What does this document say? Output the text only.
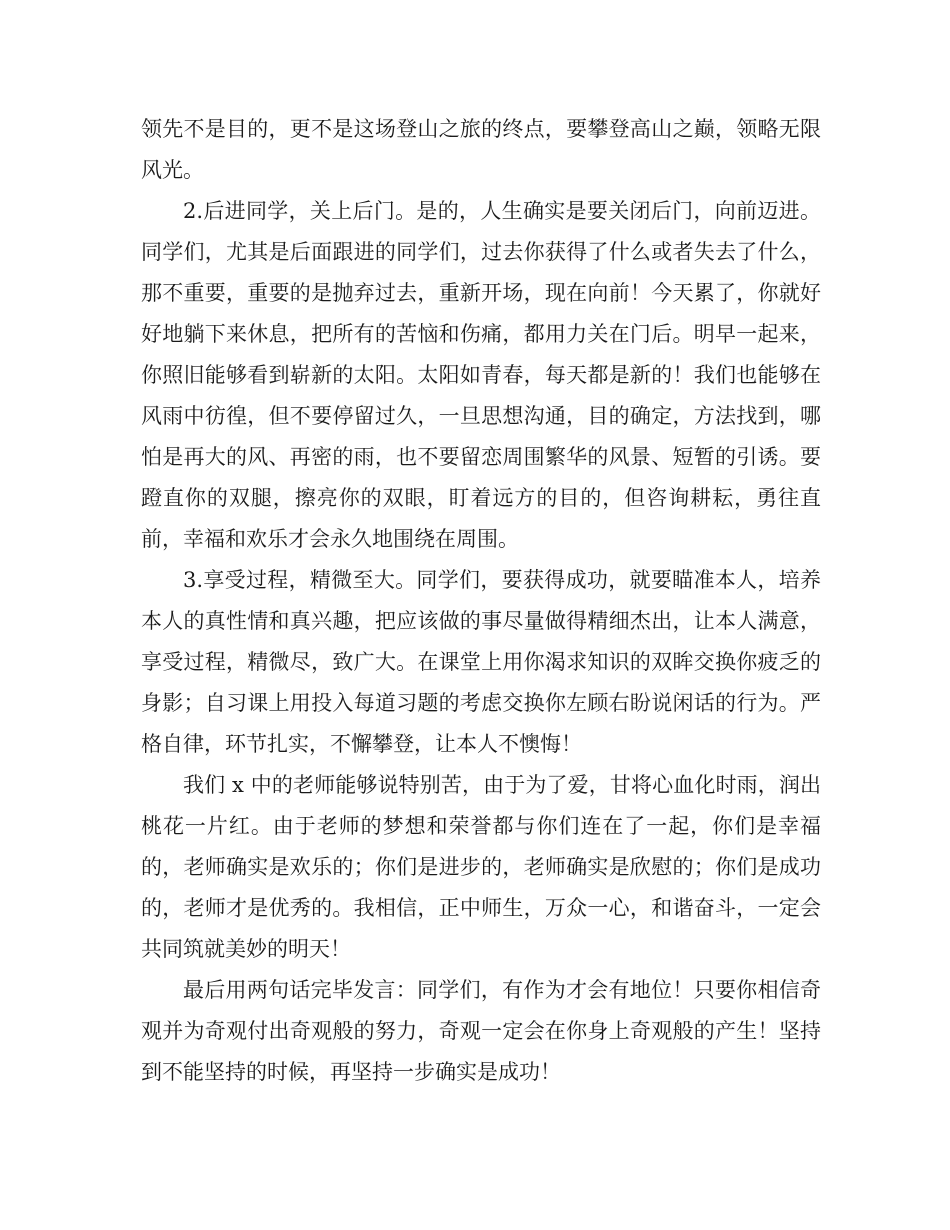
领先不是目的，更不是这场登山之旅的终点，要攀登高山之巅，领略无限风光。

2.后进同学，关上后门。是的，人生确实是要关闭后门，向前迈进。同学们，尤其是后面跟进的同学们，过去你获得了什么或者失去了什么，那不重要，重要的是抛弃过去，重新开场，现在向前！今天累了，你就好好地躺下来休息，把所有的苦恼和伤痛，都用力关在门后。明早一起来，你照旧能够看到崭新的太阳。太阳如青春，每天都是新的！我们也能够在风雨中彷徨，但不要停留过久，一旦思想沟通，目的确定，方法找到，哪怕是再大的风、再密的雨，也不要留恋周围繁华的风景、短暂的引诱。要蹬直你的双腿，擦亮你的双眼，盯着远方的目的，但咨询耕耘，勇往直前，幸福和欢乐才会永久地围绕在周围。

3.享受过程，精微至大。同学们，要获得成功，就要瞄准本人，培养本人的真性情和真兴趣，把应该做的事尽量做得精细杰出，让本人满意，享受过程，精微尽，致广大。在课堂上用你渴求知识的双眸交换你疲乏的身影；自习课上用投入每道习题的考虑交换你左顾右盼说闲话的行为。严格自律，环节扎实，不懈攀登，让本人不懊悔！

我们 x 中的老师能够说特别苦，由于为了爱，甘将心血化时雨，润出桃花一片红。由于老师的梦想和荣誉都与你们连在了一起，你们是幸福的，老师确实是欢乐的；你们是进步的，老师确实是欣慰的；你们是成功的，老师才是优秀的。我相信，正中师生，万众一心，和谐奋斗，一定会共同筑就美妙的明天！

最后用两句话完毕发言：同学们，有作为才会有地位！只要你相信奇观并为奇观付出奇观般的努力，奇观一定会在你身上奇观般的产生！坚持到不能坚持的时候，再坚持一步确实是成功！
